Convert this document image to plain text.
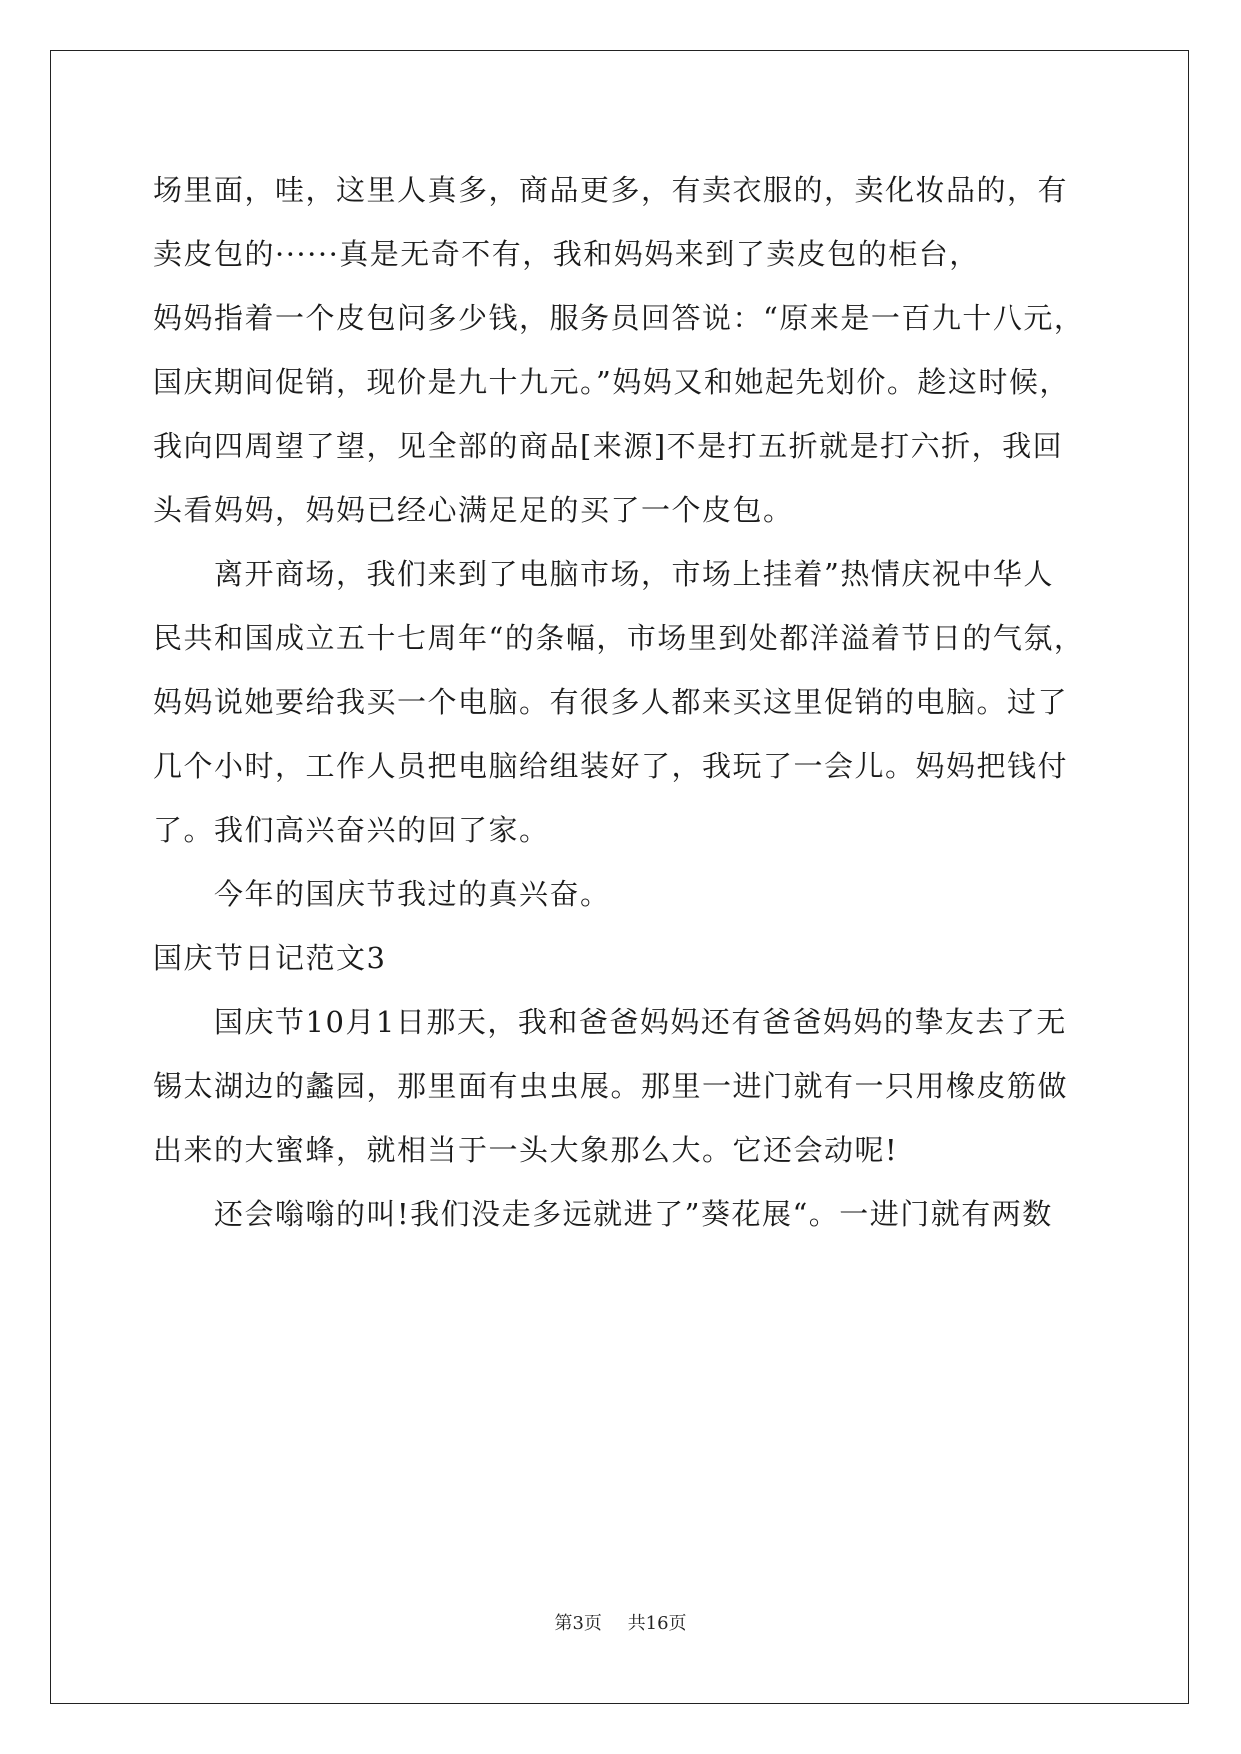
场里面，哇，这里人真多，商品更多，有卖衣服的，卖化妆品的，有
卖皮包的······真是无奇不有，我和妈妈来到了卖皮包的柜台，
妈妈指着一个皮包问多少钱，服务员回答说：“原来是一百九十八元，
国庆期间促销，现价是九十九元。”妈妈又和她起先划价。趁这时候，
我向四周望了望，见全部的商品[来源]不是打五折就是打六折，我回
头看妈妈，妈妈已经心满足足的买了一个皮包。
离开商场，我们来到了电脑市场，市场上挂着”热情庆祝中华人
民共和国成立五十七周年“的条幅，市场里到处都洋溢着节日的气氛，
妈妈说她要给我买一个电脑。有很多人都来买这里促销的电脑。过了
几个小时，工作人员把电脑给组装好了，我玩了一会儿。妈妈把钱付
了。我们高兴奋兴的回了家。
今年的国庆节我过的真兴奋。
国庆节日记范文3
国庆节10月1日那天，我和爸爸妈妈还有爸爸妈妈的挚友去了无
锡太湖边的蠡园，那里面有虫虫展。那里一进门就有一只用橡皮筋做
出来的大蜜蜂，就相当于一头大象那么大。它还会动呢!
还会嗡嗡的叫!我们没走多远就进了”葵花展“。一进门就有两数
第3页 共16页
